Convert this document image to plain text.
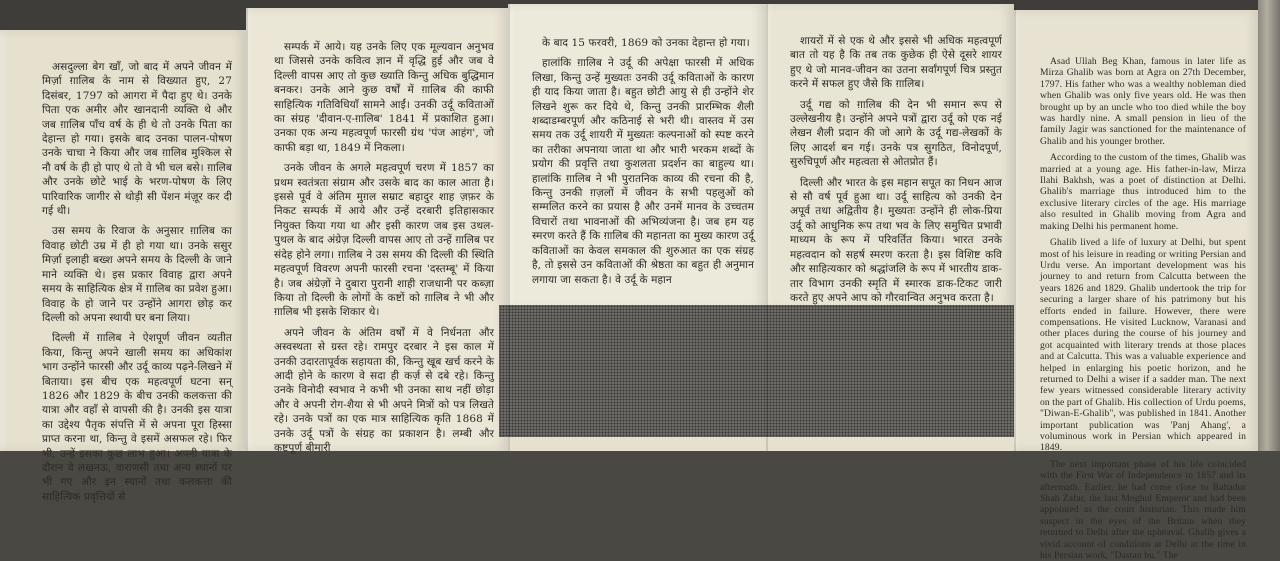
असदुल्ला बेग खाँ, जो बाद में अपने जीवन में मिर्ज़ा ग़ालिब के नाम से विख्यात हुए, 27 दिसंबर, 1797 को आगरा में पैदा हुए थे। उनके पिता एक अमीर और खानदानी व्यक्ति थे और जब ग़ालिब पाँच वर्ष के ही थे तो उनके पिता का देहान्त हो गया। इसके बाद उनका पालन-पोषण उनके चाचा ने किया और जब ग़ालिब मुश्किल से नौ वर्ष के ही हो पाए थे तो वे भी चल बसे। ग़ालिब और उनके छोटे भाई के भरण-पोषण के लिए पारिवारिक जागीर से थोड़ी सी पेंशन मंज़ूर कर दी गई थी।

उस समय के रिवाज के अनुसार ग़ालिब का विवाह छोटी उम्र में ही हो गया था। उनके ससुर मिर्ज़ा इलाही बख्श अपने समय के दिल्ली के जाने माने व्यक्ति थे। इस प्रकार विवाह द्वारा अपने समय के साहित्यिक क्षेत्र में ग़ालिब का प्रवेश हुआ। विवाह के हो जाने पर उन्होंने आगरा छोड़ कर दिल्ली को अपना स्थायी घर बना लिया।

दिल्ली में ग़ालिब ने ऐशपूर्ण जीवन व्यतीत किया, किन्तु अपने खाली समय का अधिकांश भाग उन्होंने फारसी और उर्दू काव्य पढ़ने-लिखने में बिताया। इस बीच एक महत्वपूर्ण घटना सन् 1826 और 1829 के बीच उनकी कलकत्ता की यात्रा और वहाँ से वापसी की है। उनकी इस यात्रा का उद्देश्य पैतृक संपत्ति में से अपना पूरा हिस्सा प्राप्त करना था, किन्तु वे इसमें असफल रहे। फिर भी, उन्हें इसका कुछ लाभ हुआ। अपनी यात्रा के दौरान वे लखनऊ, वाराणसी तथा अन्य स्थानों पर भी गए और इन स्थानों तथा कलकत्ता की साहित्यिक प्रवृत्तियों से

सम्पर्क में आये। यह उनके लिए एक मूल्यवान अनुभव था जिससे उनके कवित्व ज्ञान में वृद्धि हुई और जब वे दिल्ली वापस आए तो कुछ ख्याति किन्तु अधिक बुद्धिमान बनकर। उनके आने कुछ वर्षों में ग़ालिब की काफी साहित्यिक गतिविधियाँ सामने आईं। उनकी उर्दू कविताओं का संग्रह 'दीवान-ए-ग़ालिब' 1841 में प्रकाशित हुआ। उनका एक अन्य महत्वपूर्ण फारसी ग्रंथ 'पंज आहंग', जो काफी बड़ा था, 1849 में निकला।

उनके जीवन के अगले महत्वपूर्ण चरण में 1857 का प्रथम स्वतंत्रता संग्राम और उसके बाद का काल आता है। इससे पूर्व वे अंतिम मुग़ल सम्राट बहादुर शाह ज़फ़र के निकट सम्पर्क में आये और उन्हें दरबारी इतिहासकार नियुक्त किया गया था और इसी कारण जब इस उथल-पुथल के बाद अंग्रेज़ दिल्ली वापस आए तो उन्हें ग़ालिब पर संदेह होने लगा। ग़ालिब ने उस समय की दिल्ली की स्थिति महत्वपूर्ण विवरण अपनी फारसी रचना 'दस्तम्बू' में किया है। जब अंग्रेज़ों ने दुबारा पुरानी शाही राजधानी पर कब्ज़ा किया तो दिल्ली के लोगों के कष्टों को ग़ालिब ने भी और ग़ालिब भी इसके शिकार थे।

अपने जीवन के अंतिम वर्षों में वे निर्धनता और अस्वस्थता से ग्रस्त रहे। रामपुर दरबार ने इस काल में उनकी उदारतापूर्वक सहायता की, किन्तु खूब खर्च करने के आदी होने के कारण वे सदा ही कर्ज़ से दबे रहे। किन्तु उनके विनोदी स्वभाव ने कभी भी उनका साथ नहीं छोड़ा और वे अपनी रोग-शैया से भी अपने मित्रों को पत्र लिखते रहे। उनके पत्रों का एक मात्र साहित्यिक कृति 1868 में उनके उर्दू पत्रों के संग्रह का प्रकाशन है। लम्बी और कष्टपूर्ण बीमारी

के बाद 15 फरवरी, 1869 को उनका देहान्त हो गया।

हालांकि ग़ालिब ने उर्दू की अपेक्षा फारसी में अधिक लिखा, किन्तु उन्हें मुख्यतः उनकी उर्दू कविताओं के कारण ही याद किया जाता है। बहुत छोटी आयु से ही उन्होंने शेर लिखने शुरू कर दिये थे, किन्तु उनकी प्रारम्भिक शैली शब्दाडम्बरपूर्ण और कठिनाई से भरी थी। वास्तव में उस समय तक उर्दू शायरी में मुख्यतः कल्पनाओं को स्पष्ट करने का तरीका अपनाया जाता था और भारी भरकम शब्दों के प्रयोग की प्रवृत्ति तथा कुशलता प्रदर्शन का बाहुल्य था। हालांकि ग़ालिब ने भी पुरातनिक काव्य की रचना की है, किन्तु उनकी ग़ज़लों में जीवन के सभी पहलुओं को सम्मलित करने का प्रयास है और उनमें मानव के उच्चतम विचारों तथा भावनाओं की अभिव्यंजना है। जब हम यह स्मरण करते हैं कि ग़ालिब की महानता का मुख्य कारण उर्दू कविताओं का केवल समकाल की शुरुआत का एक संग्रह है, तो इससे उन कविताओं की श्रेष्ठता का बहुत ही अनुमान लगाया जा सकता है। वे उर्दू के महान

शायरों में से एक थे और इससे भी अधिक महत्वपूर्ण बात तो यह है कि तब तक कुछेक ही ऐसे दूसरे शायर हुए थे जो मानव-जीवन का उतना सर्वांगपूर्ण चित्र प्रस्तुत करने में सफल हुए जैसे कि ग़ालिब।

उर्दू गद्य को ग़ालिब की देन भी समान रूप से उल्लेखनीय है। उन्होंने अपने पत्रों द्वारा उर्दू को एक नई लेखन शैली प्रदान की जो आगे के उर्दू गद्य-लेखकों के लिए आदर्श बन गई। उनके पत्र सुगठित, विनोदपूर्ण, सुरुचिपूर्ण और महत्वता से ओतप्रोत हैं।

दिल्ली और भारत के इस महान सपूत का निधन आज से सौ वर्ष पूर्व हुआ था। उर्दू साहित्य को उनकी देन अपूर्व तथा अद्वितीय है। मुख्यतः उन्होंने ही लोक-प्रिया उर्दू को आधुनिक रूप तथा भव के लिए समुचित प्रभावी माध्यम के रूप में परिवर्तित किया। भारत उनके महत्वदान को सहर्ष स्मरण करता है। इस विशिष्ट कवि और साहित्यकार को श्रद्धांजलि के रूप में भारतीय डाक-तार विभाग उनकी स्मृति में स्मारक डाक-टिकट जारी करते हुए अपने आप को गौरवान्वित अनुभव करता है।

Asad Ullah Beg Khan, famous in later life as Mirza Ghalib was born at Agra on 27th December, 1797. His father who was a wealthy nobleman died when Ghalib was only five years old. He was then brought up by an uncle who too died while the boy was hardly nine. A small pension in lieu of the family Jagir was sanctioned for the maintenance of Ghalib and his younger brother.

According to the custom of the times, Ghalib was married at a young age. His father-in-law, Mirza Ilahi Bakhsh, was a poet of distinction at Delhi. Ghalib's marriage thus introduced him to the exclusive literary circles of the age. His marriage also resulted in Ghalib moving from Agra and making Delhi his permanent home.

Ghalib lived a life of luxury at Delhi, but spent most of his leisure in reading or writing Persian and Urdu verse. An important development was his journey to and return from Calcutta between the years 1826 and 1829. Ghalib undertook the trip for securing a larger share of his patrimony but his efforts ended in failure. However, there were compensations. He visited Lucknow, Varanasi and other places during the course of his journey and got acquainted with literary trends at those places and at Calcutta. This was a valuable experience and helped in enlarging his poetic horizon, and he returned to Delhi a wiser if a sadder man. The next few years witnessed considerable literary activity on the part of Ghalib. His collection of Urdu poems, "Diwan-E-Ghalib", was published in 1841. Another important publication was 'Panj Ahang', a voluminous work in Persian which appeared in 1849.

The next important phase of his life coincided with the First War of Independence in 1857 and its aftermath. Earlier, he had come close to Bahadur Shah Zafar, the last Moghul Emperor and had been appointed as the court historian. This made him suspect in the eyes of the Britain when they returned to Delhi after the upheaval. Ghalib gives a vivid account of conditions at Delhi at the time in his Persian work, "Dastan bu." The
